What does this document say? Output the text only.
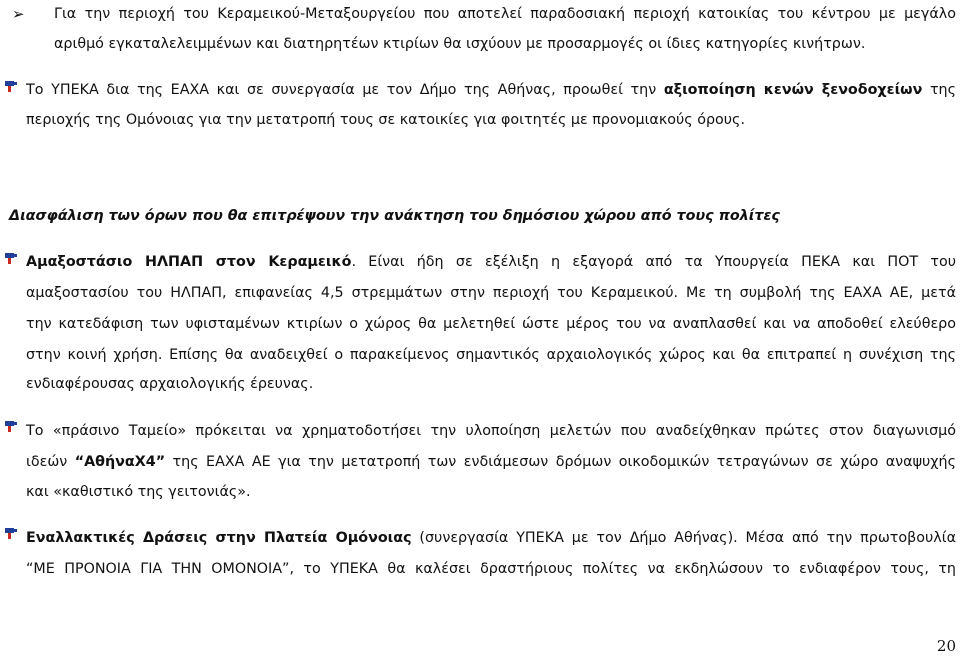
➢ Για την περιοχή του Κεραμεικού-Μεταξουργείου που αποτελεί παραδοσιακή περιοχή κατοικίας του κέντρου με μεγάλο
αριθμό εγκαταλελειμμένων και διατηρητέων κτιρίων θα ισχύουν με προσαρμογές οι ίδιες κατηγορίες κινήτρων.
Το ΥΠΕΚΑ δια της ΕΑΧΑ και σε συνεργασία με τον Δήμο της Αθήνας, προωθεί την αξιοποίηση κενών ξενοδοχείων της
περιοχής της Ομόνοιας για την μετατροπή τους σε κατοικίες για φοιτητές με προνομιακούς όρους.
Διασφάλιση των όρων που θα επιτρέψουν την ανάκτηση του δημόσιου χώρου από τους πολίτες
Αμαξοστάσιο ΗΛΠΑΠ στον Κεραμεικό. Είναι ήδη σε εξέλιξη η εξαγορά από τα Υπουργεία ΠΕΚΑ και ΠΟΤ του
αμαξοστασίου του ΗΛΠΑΠ, επιφανείας 4,5 στρεμμάτων στην περιοχή του Κεραμεικού. Με τη συμβολή της ΕΑΧΑ ΑΕ, μετά
την κατεδάφιση των υφισταμένων κτιρίων ο χώρος θα μελετηθεί ώστε μέρος του να αναπλασθεί και να αποδοθεί ελεύθερο
στην κοινή χρήση. Επίσης θα αναδειχθεί ο παρακείμενος σημαντικός αρχαιολογικός χώρος και θα επιτραπεί η συνέχιση της
ενδιαφέρουσας αρχαιολογικής έρευνας.
Το «πράσινο Ταμείο» πρόκειται να χρηματοδοτήσει την υλοποίηση μελετών που αναδείχθηκαν πρώτες στον διαγωνισμό
ιδεών “ΑθήναΧ4” της ΕΑΧΑ ΑΕ για την μετατροπή των ενδιάμεσων δρόμων οικοδομικών τετραγώνων σε χώρο αναψυχής
και «καθιστικό της γειτονιάς».
Εναλλακτικές Δράσεις στην Πλατεία Ομόνοιας (συνεργασία ΥΠΕΚΑ με τον Δήμο Αθήνας). Μέσα από την πρωτοβουλία
“ΜΕ ΠΡΟΝΟΙΑ ΓΙΑ ΤΗΝ ΟΜΟΝΟΙΑ”, το ΥΠΕΚΑ θα καλέσει δραστήριους πολίτες να εκδηλώσουν το ενδιαφέρον τους, τη
20
